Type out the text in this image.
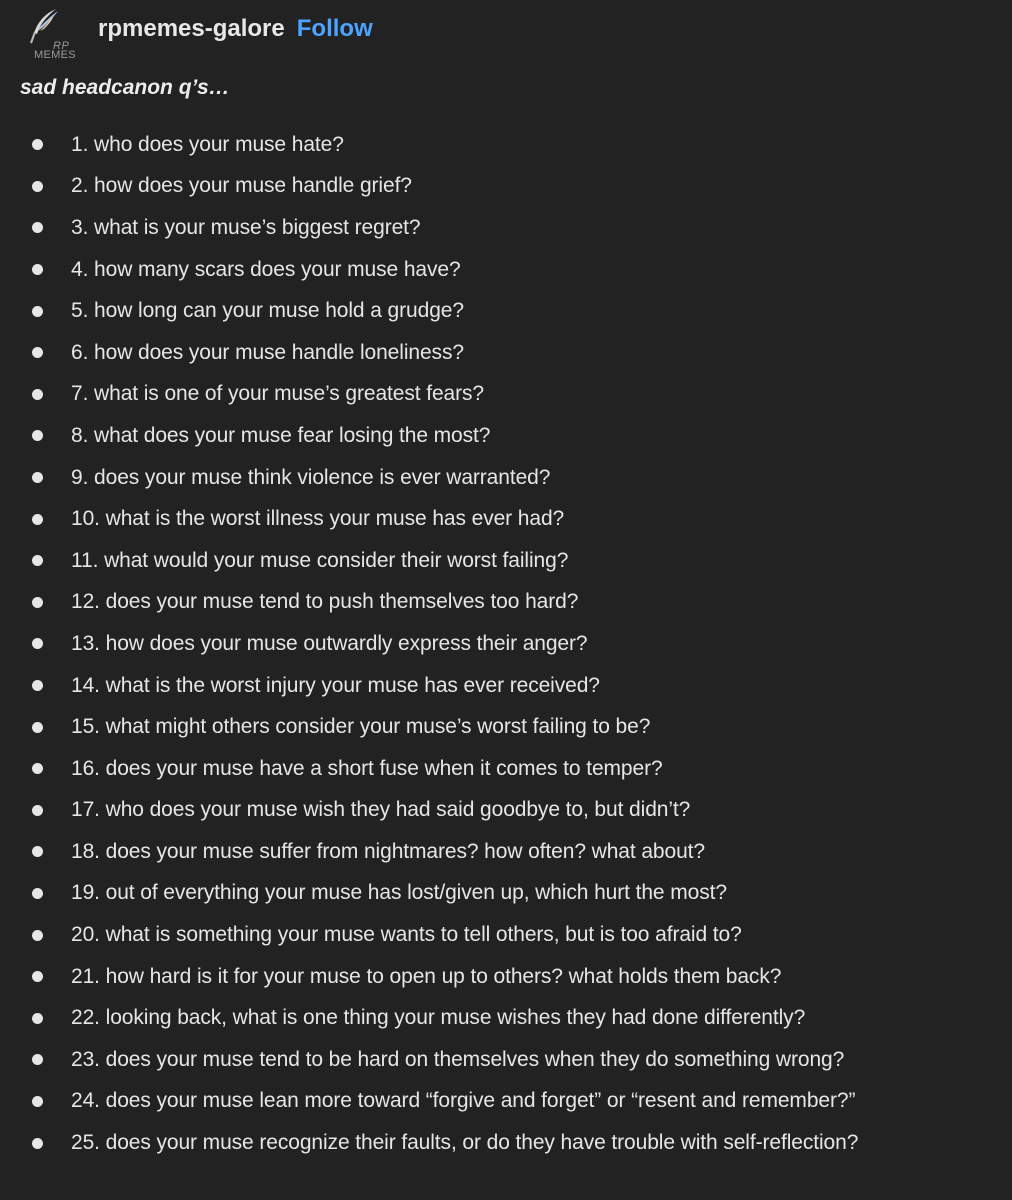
RP
MEMES
rpmemes-galore Follow
sad headcanon q’s…
1. who does your muse hate?
2. how does your muse handle grief?
3. what is your muse’s biggest regret?
4. how many scars does your muse have?
5. how long can your muse hold a grudge?
6. how does your muse handle loneliness?
7. what is one of your muse’s greatest fears?
8. what does your muse fear losing the most?
9. does your muse think violence is ever warranted?
10. what is the worst illness your muse has ever had?
11. what would your muse consider their worst failing?
12. does your muse tend to push themselves too hard?
13. how does your muse outwardly express their anger?
14. what is the worst injury your muse has ever received?
15. what might others consider your muse’s worst failing to be?
16. does your muse have a short fuse when it comes to temper?
17. who does your muse wish they had said goodbye to, but didn’t?
18. does your muse suffer from nightmares? how often? what about?
19. out of everything your muse has lost/given up, which hurt the most?
20. what is something your muse wants to tell others, but is too afraid to?
21. how hard is it for your muse to open up to others? what holds them back?
22. looking back, what is one thing your muse wishes they had done differently?
23. does your muse tend to be hard on themselves when they do something wrong?
24. does your muse lean more toward “forgive and forget” or “resent and remember?”
25. does your muse recognize their faults, or do they have trouble with self-reflection?
